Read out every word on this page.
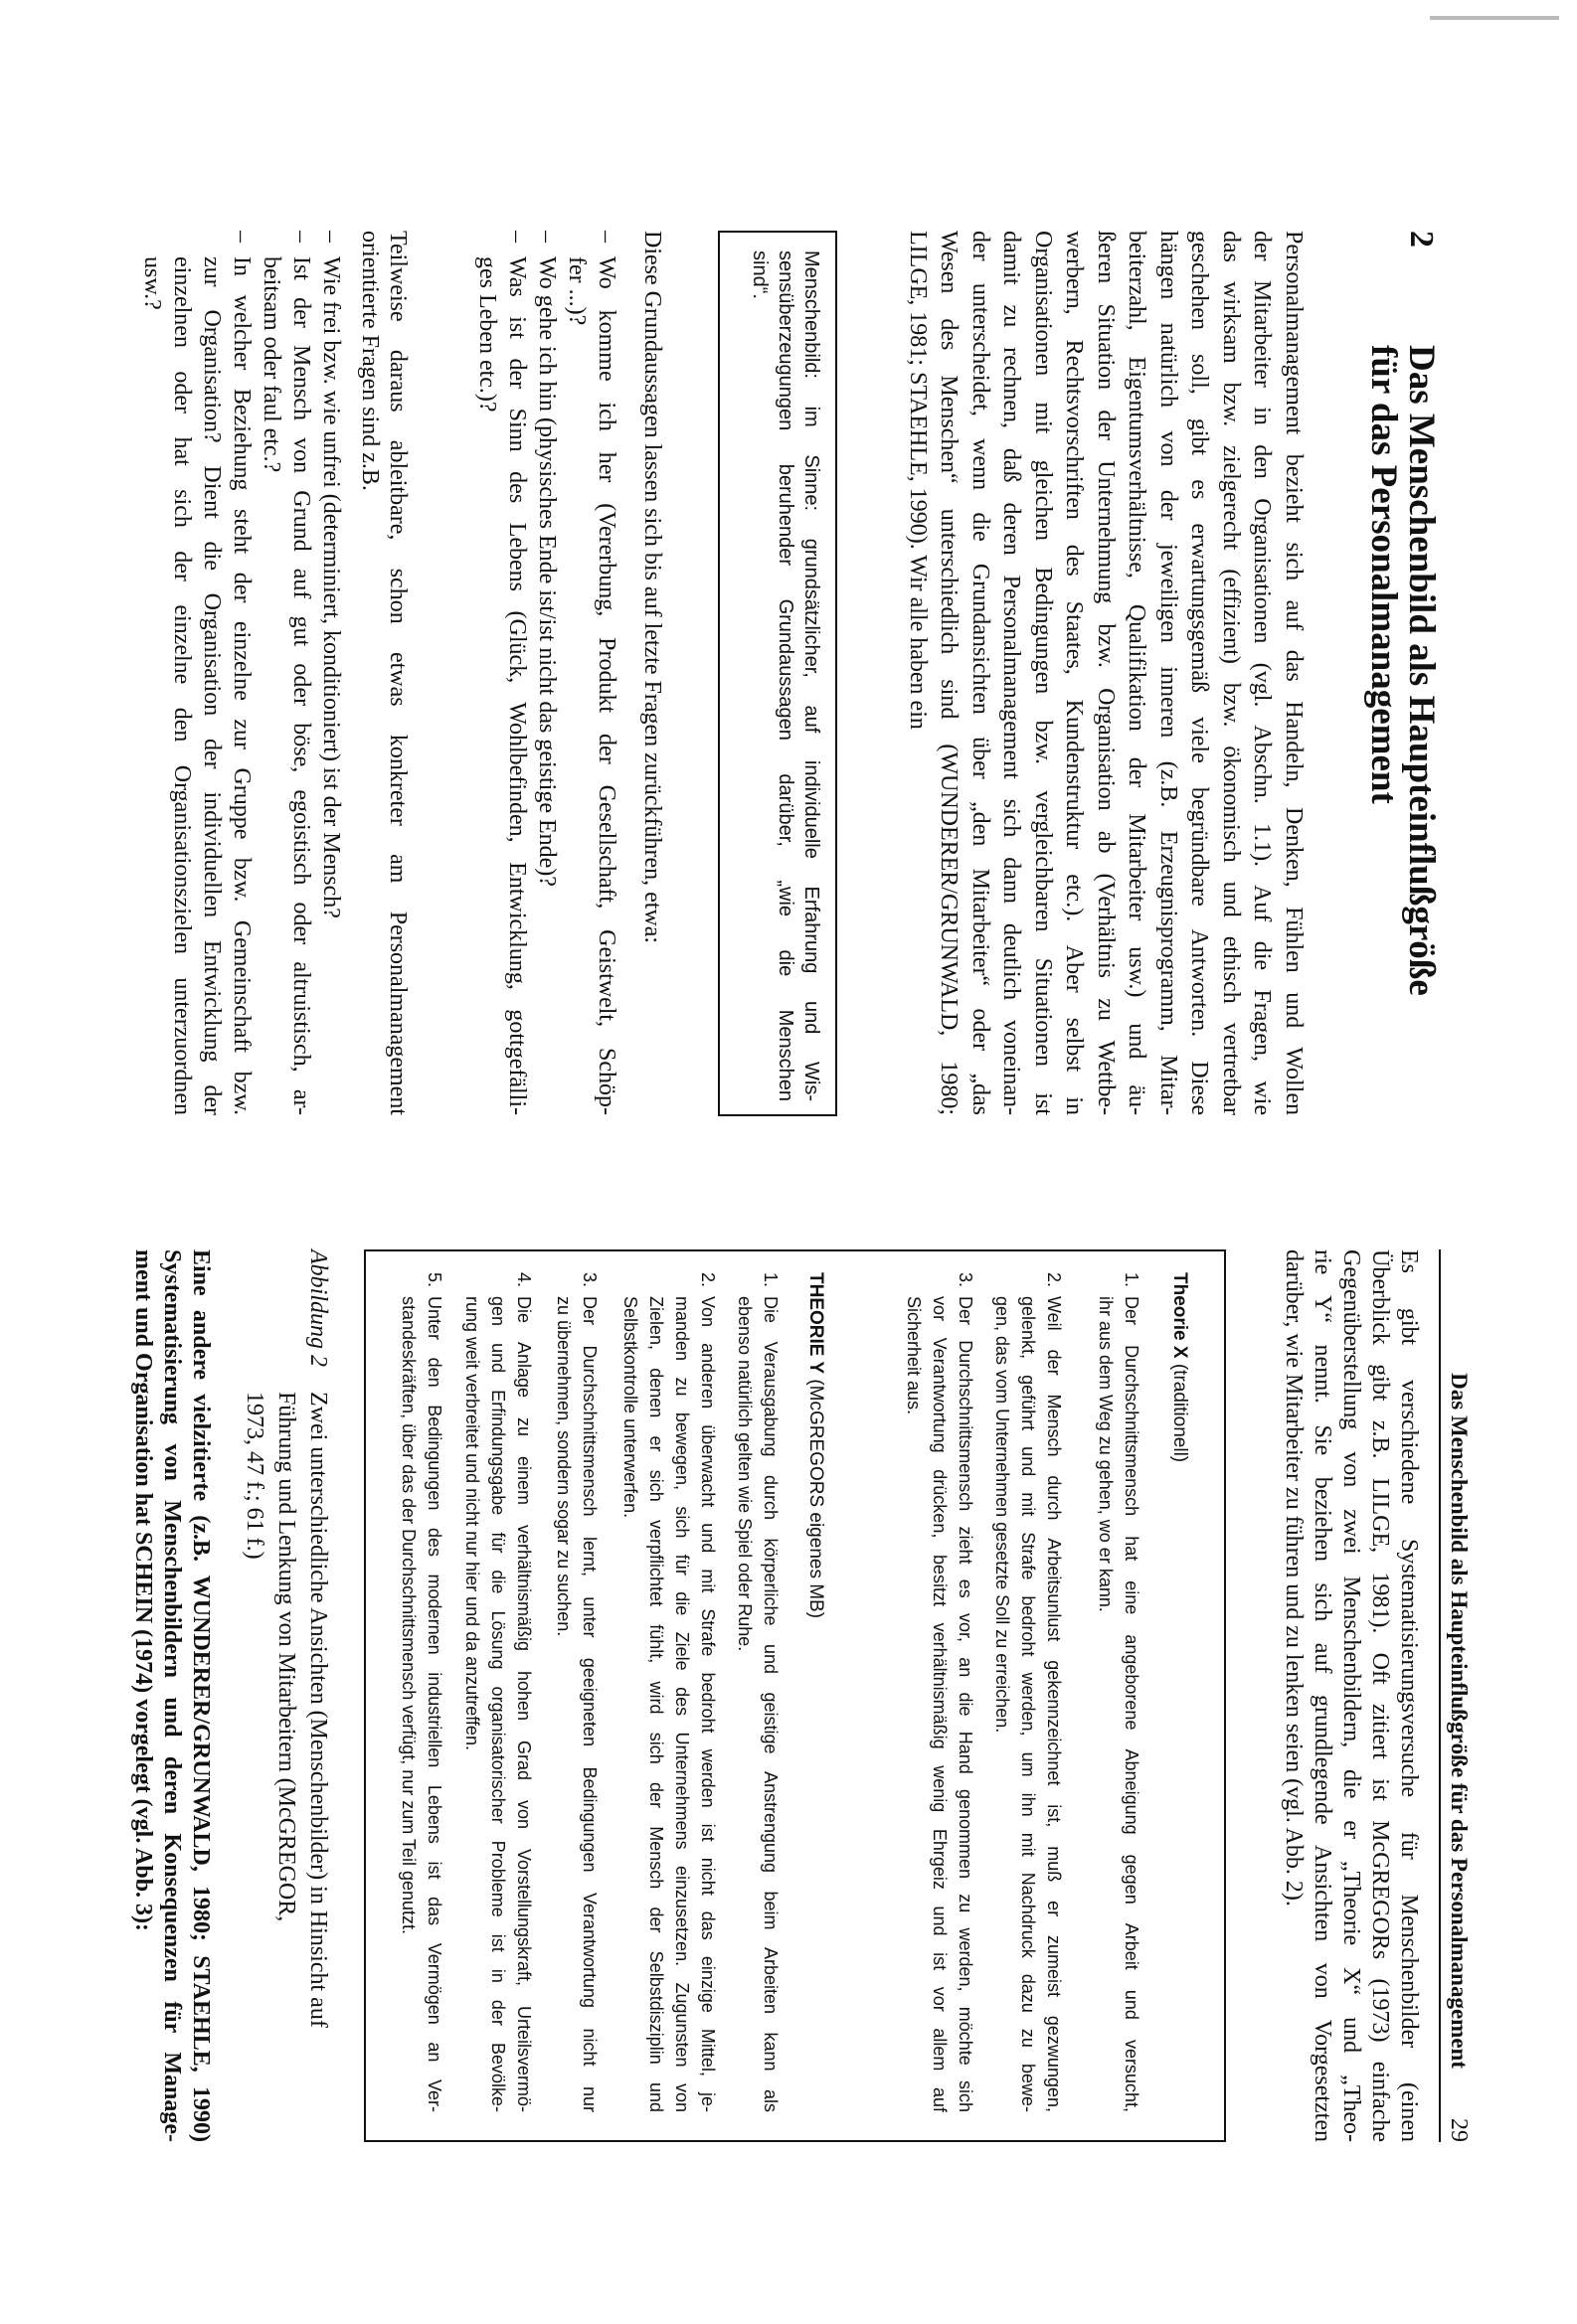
2
Das Menschenbild als Haupteinflußgröße
für das Personalmanagement
Personalmanagement bezieht sich auf das Handeln, Denken, Fühlen und Wollen
der Mitarbeiter in den Organisationen (vgl. Abschn. 1.1). Auf die Fragen, wie
das wirksam bzw. zielgerecht (effizient) bzw. ökonomisch und ethisch vertretbar
geschehen soll, gibt es erwartungsgemäß viele begründbare Antworten. Diese
hängen natürlich von der jeweiligen inneren (z.B. Erzeugnisprogramm, Mitar-
beiterzahl, Eigentumsverhältnisse, Qualifikation der Mitarbeiter usw.) und äu-
ßeren Situation der Unternehmung bzw. Organisation ab (Verhältnis zu Wettbe-
werbern, Rechtsvorschriften des Staates, Kundenstruktur etc.). Aber selbst in
Organisationen mit gleichen Bedingungen bzw. vergleichbaren Situationen ist
damit zu rechnen, daß deren Personalmanagement sich dann deutlich voneinan-
der unterscheidet, wenn die Grundansichten über „den Mitarbeiter“ oder „das
Wesen des Menschen“ unterschiedlich sind (WUNDERER/GRUNWALD, 1980;
LILGE, 1981; STAEHLE, 1990). Wir alle haben ein
Menschenbild: im Sinne: grundsätzlicher, auf individuelle Erfahrung und Wis-
sensüberzeugungen beruhender Grundaussagen darüber, „wie die Menschen
sind“.
Diese Grundaussagen lassen sich bis auf letzte Fragen zurückführen, etwa:
– Wo komme ich her (Vererbung, Produkt der Gesellschaft, Geistwelt, Schöp-
fer ...)?
– Wo gehe ich hin (physisches Ende ist/ist nicht das geistige Ende)?
– Was ist der Sinn des Lebens (Glück, Wohlbefinden, Entwicklung, gottgefälli-
ges Leben etc.)?
Teilweise daraus ableitbare, schon etwas konkreter am Personalmanagement
orientierte Fragen sind z.B.
– Wie frei bzw. wie unfrei (determiniert, konditioniert) ist der Mensch?
– Ist der Mensch von Grund auf gut oder böse, egoistisch oder altruistisch, ar-
beitsam oder faul etc.?
– In welcher Beziehung steht der einzelne zur Gruppe bzw. Gemeinschaft bzw.
zur Organisation? Dient die Organisation der individuellen Entwicklung der
einzelnen oder hat sich der einzelne den Organisationszielen unterzuordnen
usw.?
Das Menschenbild als Haupteinflußgröße für das Personalmanagement
29
Es gibt verschiedene Systematisierungsversuche für Menschenbilder (einen
Überblick gibt z.B. LILGE, 1981). Oft zitiert ist McGREGORs (1973) einfache
Gegenüberstellung von zwei Menschenbildern, die er „Theorie X“ und „Theo-
rie Y“ nennt. Sie beziehen sich auf grundlegende Ansichten von Vorgesetzten
darüber, wie Mitarbeiter zu führen und zu lenken seien (vgl. Abb. 2).
Theorie X (traditionell)
1.
Der Durchschnittsmensch hat eine angeborene Abneigung gegen Arbeit und versucht,
ihr aus dem Weg zu gehen, wo er kann.
2.
Weil der Mensch durch Arbeitsunlust gekennzeichnet ist, muß er zumeist gezwungen,
gelenkt, geführt und mit Strafe bedroht werden, um ihn mit Nachdruck dazu zu bewe-
gen, das vom Unternehmen gesetzte Soll zu erreichen.
3.
Der Durchschnittsmensch zieht es vor, an die Hand genommen zu werden, möchte sich
vor Verantwortung drücken, besitzt verhältnismäßig wenig Ehrgeiz und ist vor allem auf
Sicherheit aus.
THEORIE Y (McGREGORS eigenes MB)
1.
Die Verausgabung durch körperliche und geistige Anstrengung beim Arbeiten kann als
ebenso natürlich gelten wie Spiel oder Ruhe.
2.
Von anderen überwacht und mit Strafe bedroht werden ist nicht das einzige Mittel, je-
manden zu bewegen, sich für die Ziele des Unternehmens einzusetzen. Zugunsten von
Zielen, denen er sich verpflichtet fühlt, wird sich der Mensch der Selbstdisziplin und
Selbstkontrolle unterwerfen.
3.
Der Durchschnittsmensch lernt, unter geeigneten Bedingungen Verantwortung nicht nur
zu übernehmen, sondern sogar zu suchen.
4.
Die Anlage zu einem verhältnismäßig hohen Grad von Vorstellungskraft, Urteilsvermö-
gen und Erfindungsgabe für die Lösung organisatorischer Probleme ist in der Bevölke-
rung weit verbreitet und nicht nur hier und da anzutreffen.
5.
Unter den Bedingungen des modernen industriellen Lebens ist das Vermögen an Ver-
standeskräften, über das der Durchschnittsmensch verfügt, nur zum Teil genutzt.
Abbildung 2
Zwei unterschiedliche Ansichten (Menschenbilder) in Hinsicht auf
Führung und Lenkung von Mitarbeitern (McGREGOR,
1973, 47 f.; 61 f.)
Eine andere vielzitierte (z.B. WUNDERER/GRUNWALD, 1980; STAEHLE, 1990)
Systematisierung von Menschenbildern und deren Konsequenzen für Manage-
ment und Organisation hat SCHEIN (1974) vorgelegt (vgl. Abb. 3):
